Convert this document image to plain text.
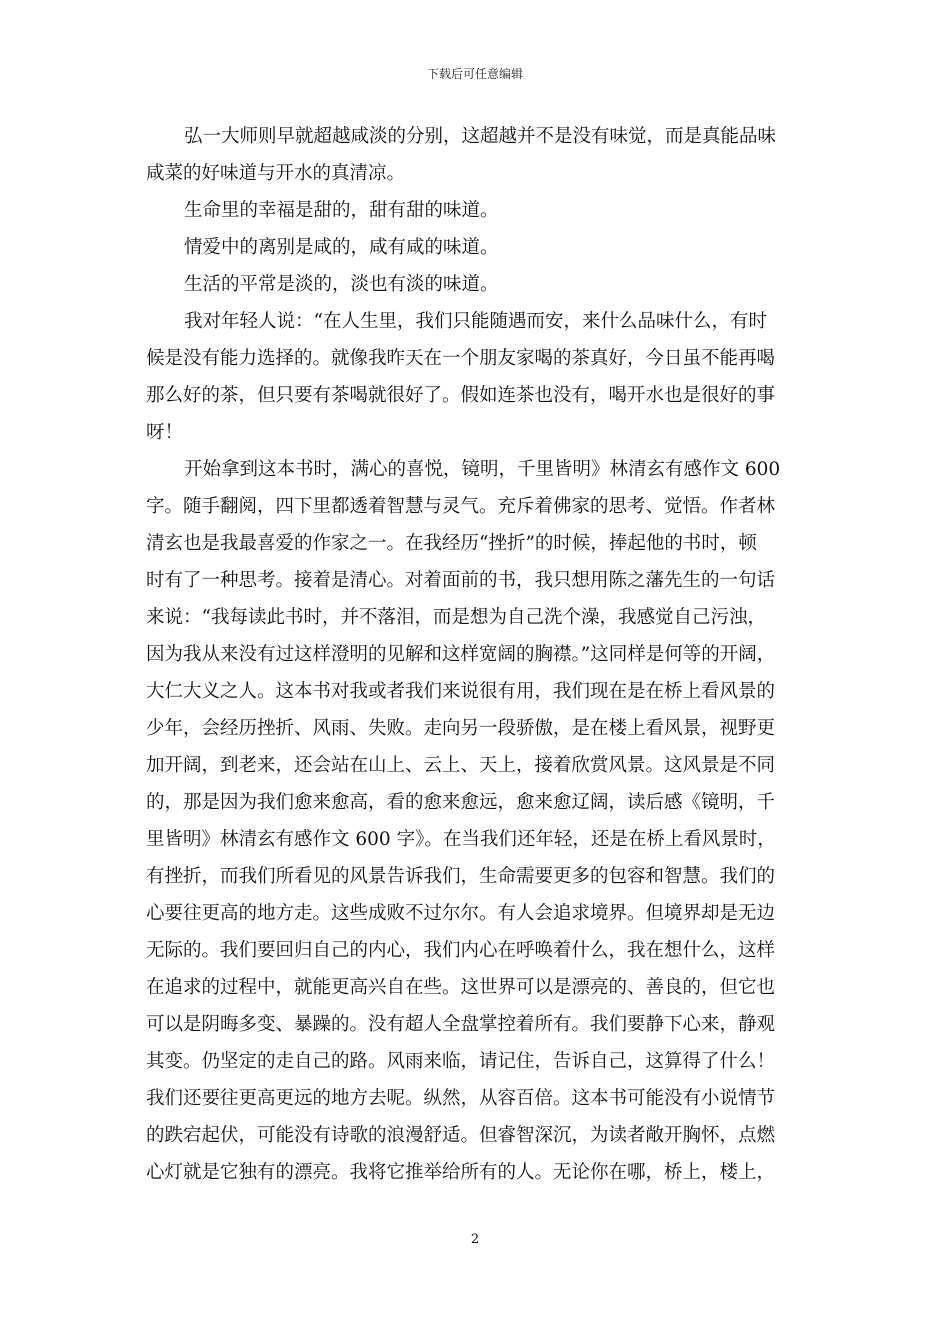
下载后可任意编辑
弘一大师则早就超越咸淡的分别，这超越并不是没有味觉，而是真能品味
咸菜的好味道与开水的真清凉。
生命里的幸福是甜的，甜有甜的味道。
情爱中的离别是咸的，咸有咸的味道。
生活的平常是淡的，淡也有淡的味道。
我对年轻人说：“在人生里，我们只能随遇而安，来什么品味什么，有时
候是没有能力选择的。就像我昨天在一个朋友家喝的茶真好，今日虽不能再喝
那么好的茶，但只要有茶喝就很好了。假如连茶也没有，喝开水也是很好的事
呀！
开始拿到这本书时，满心的喜悦，镜明，千里皆明》林清玄有感作文 600
字。随手翻阅，四下里都透着智慧与灵气。充斥着佛家的思考、觉悟。作者林
清玄也是我最喜爱的作家之一。在我经历“挫折”的时候，捧起他的书时，顿
时有了一种思考。接着是清心。对着面前的书，我只想用陈之藩先生的一句话
来说：“我每读此书时，并不落泪，而是想为自己洗个澡，我感觉自己污浊，
因为我从来没有过这样澄明的见解和这样宽阔的胸襟。”这同样是何等的开阔，
大仁大义之人。这本书对我或者我们来说很有用，我们现在是在桥上看风景的
少年，会经历挫折、风雨、失败。走向另一段骄傲，是在楼上看风景，视野更
加开阔，到老来，还会站在山上、云上、天上，接着欣赏风景。这风景是不同
的，那是因为我们愈来愈高，看的愈来愈远，愈来愈辽阔，读后感《镜明，千
里皆明》林清玄有感作文 600 字》。在当我们还年轻，还是在桥上看风景时，
有挫折，而我们所看见的风景告诉我们，生命需要更多的包容和智慧。我们的
心要往更高的地方走。这些成败不过尔尔。有人会追求境界。但境界却是无边
无际的。我们要回归自己的内心，我们内心在呼唤着什么，我在想什么，这样
在追求的过程中，就能更高兴自在些。这世界可以是漂亮的、善良的，但它也
可以是阴晦多变、暴躁的。没有超人全盘掌控着所有。我们要静下心来，静观
其变。仍坚定的走自己的路。风雨来临，请记住，告诉自己，这算得了什么！
我们还要往更高更远的地方去呢。纵然，从容百倍。这本书可能没有小说情节
的跌宕起伏，可能没有诗歌的浪漫舒适。但睿智深沉，为读者敞开胸怀，点燃
心灯就是它独有的漂亮。我将它推举给所有的人。无论你在哪，桥上，楼上，
2
